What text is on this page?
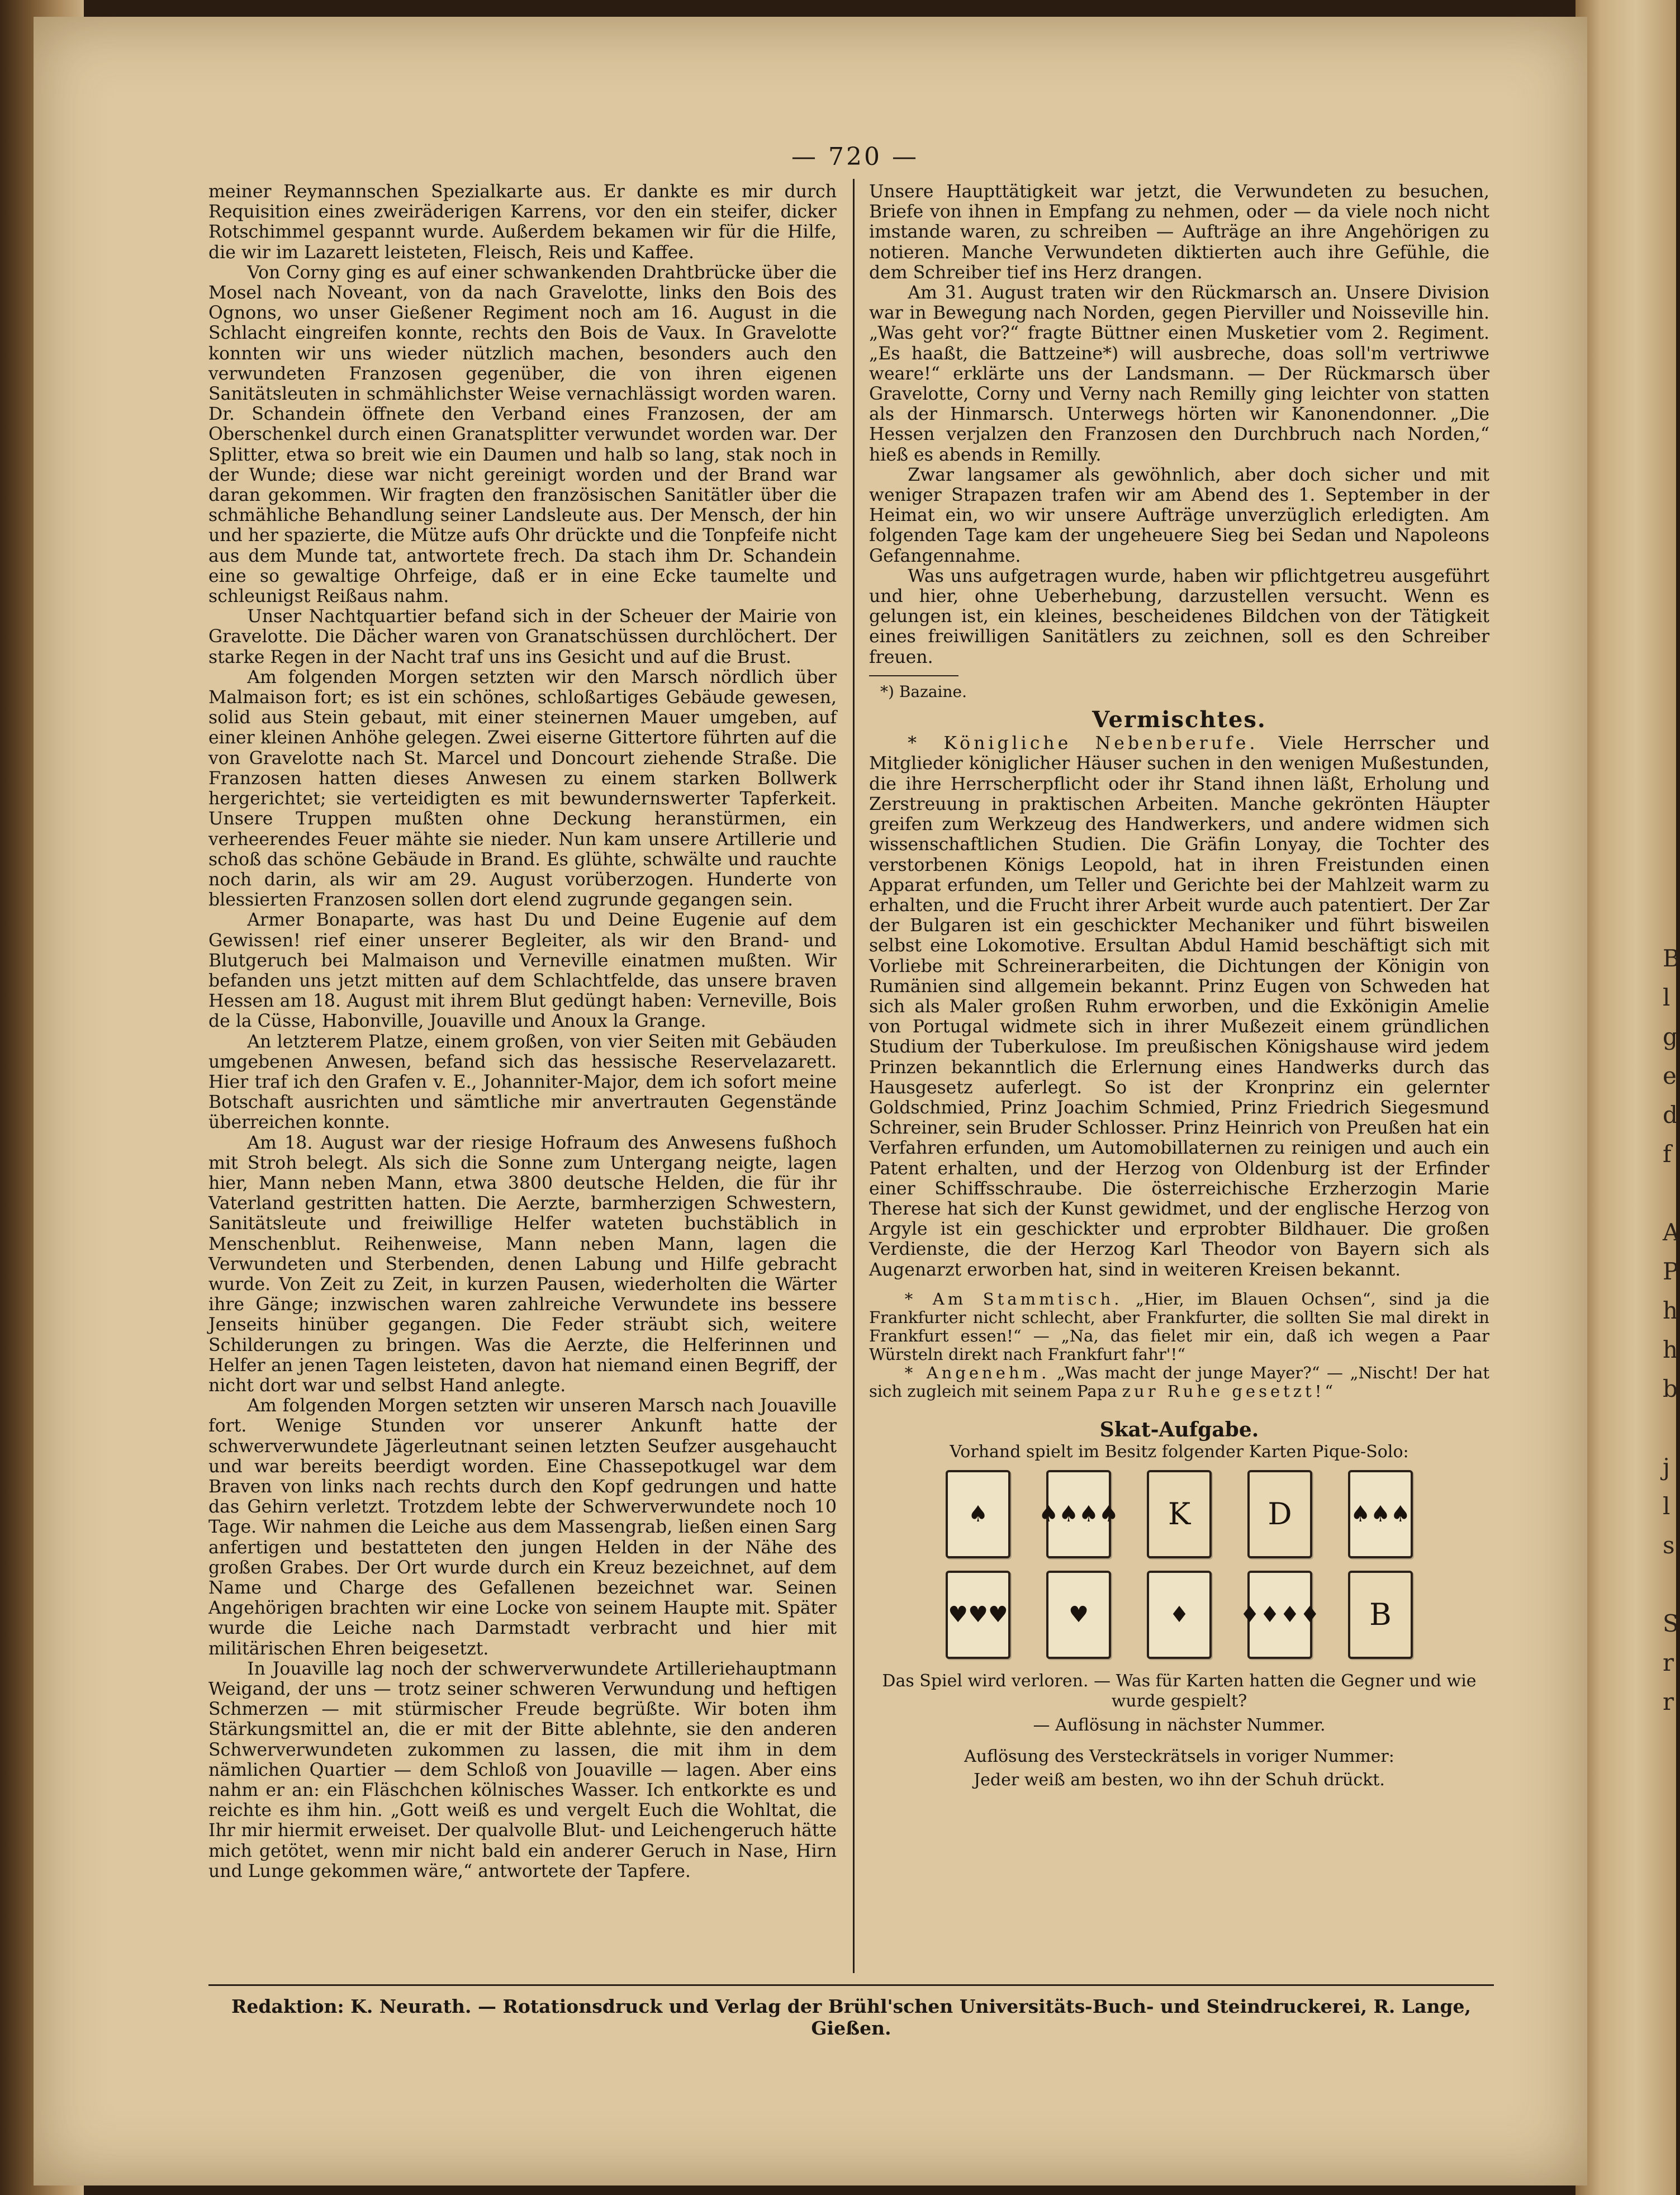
— 720 —

meiner Reymannschen Spezialkarte aus. Er dankte es mir durch Requisition eines zweiräderigen Karrens, vor den ein steifer, dicker Rotschimmel gespannt wurde. Außerdem bekamen wir für die Hilfe, die wir im Lazarett leisteten, Fleisch, Reis und Kaffee.

Von Corny ging es auf einer schwankenden Drahtbrücke über die Mosel nach Noveant, von da nach Gravelotte, links den Bois des Ognons, wo unser Gießener Regiment noch am 16. August in die Schlacht eingreifen konnte, rechts den Bois de Vaux. In Gravelotte konnten wir uns wieder nützlich machen, besonders auch den verwundeten Franzosen gegenüber, die von ihren eigenen Sanitätsleuten in schmählichster Weise vernachlässigt worden waren. Dr. Schandein öffnete den Verband eines Franzosen, der am Oberschenkel durch einen Granatsplitter verwundet worden war. Der Splitter, etwa so breit wie ein Daumen und halb so lang, stak noch in der Wunde; diese war nicht gereinigt worden und der Brand war daran gekommen. Wir fragten den französischen Sanitätler über die schmähliche Behandlung seiner Landsleute aus. Der Mensch, der hin und her spazierte, die Mütze aufs Ohr drückte und die Tonpfeife nicht aus dem Munde tat, antwortete frech. Da stach ihm Dr. Schandein eine so gewaltige Ohrfeige, daß er in eine Ecke taumelte und schleunigst Reißaus nahm.

Unser Nachtquartier befand sich in der Scheuer der Mairie von Gravelotte. Die Dächer waren von Granatschüssen durchlöchert. Der starke Regen in der Nacht traf uns ins Gesicht und auf die Brust.

Am folgenden Morgen setzten wir den Marsch nördlich über Malmaison fort; es ist ein schönes, schloßartiges Gebäude gewesen, solid aus Stein gebaut, mit einer steinernen Mauer umgeben, auf einer kleinen Anhöhe gelegen. Zwei eiserne Gittertore führten auf die von Gravelotte nach St. Marcel und Doncourt ziehende Straße. Die Franzosen hatten dieses Anwesen zu einem starken Bollwerk hergerichtet; sie verteidigten es mit bewundernswerter Tapferkeit. Unsere Truppen mußten ohne Deckung heranstürmen, ein verheerendes Feuer mähte sie nieder. Nun kam unsere Artillerie und schoß das schöne Gebäude in Brand. Es glühte, schwälte und rauchte noch darin, als wir am 29. August vorüberzogen. Hunderte von blessierten Franzosen sollen dort elend zugrunde gegangen sein.

Armer Bonaparte, was hast Du und Deine Eugenie auf dem Gewissen! rief einer unserer Begleiter, als wir den Brand- und Blutgeruch bei Malmaison und Verneville einatmen mußten. Wir befanden uns jetzt mitten auf dem Schlachtfelde, das unsere braven Hessen am 18. August mit ihrem Blut gedüngt haben: Verneville, Bois de la Cüsse, Habonville, Jouaville und Anoux la Grange.

An letzterem Platze, einem großen, von vier Seiten mit Gebäuden umgebenen Anwesen, befand sich das hessische Reservelazarett. Hier traf ich den Grafen v. E., Johanniter-Major, dem ich sofort meine Botschaft ausrichten und sämtliche mir anvertrauten Gegenstände überreichen konnte.

Am 18. August war der riesige Hofraum des Anwesens fußhoch mit Stroh belegt. Als sich die Sonne zum Untergang neigte, lagen hier, Mann neben Mann, etwa 3800 deutsche Helden, die für ihr Vaterland gestritten hatten. Die Aerzte, barmherzigen Schwestern, Sanitätsleute und freiwillige Helfer wateten buchstäblich in Menschenblut. Reihenweise, Mann neben Mann, lagen die Verwundeten und Sterbenden, denen Labung und Hilfe gebracht wurde. Von Zeit zu Zeit, in kurzen Pausen, wiederholten die Wärter ihre Gänge; inzwischen waren zahlreiche Verwundete ins bessere Jenseits hinüber gegangen. Die Feder sträubt sich, weitere Schilderungen zu bringen. Was die Aerzte, die Helferinnen und Helfer an jenen Tagen leisteten, davon hat niemand einen Begriff, der nicht dort war und selbst Hand anlegte.

Am folgenden Morgen setzten wir unseren Marsch nach Jouaville fort. Wenige Stunden vor unserer Ankunft hatte der schwerverwundete Jägerleutnant seinen letzten Seufzer ausgehaucht und war bereits beerdigt worden. Eine Chassepotkugel war dem Braven von links nach rechts durch den Kopf gedrungen und hatte das Gehirn verletzt. Trotzdem lebte der Schwerverwundete noch 10 Tage. Wir nahmen die Leiche aus dem Massengrab, ließen einen Sarg anfertigen und bestatteten den jungen Helden in der Nähe des großen Grabes. Der Ort wurde durch ein Kreuz bezeichnet, auf dem Name und Charge des Gefallenen bezeichnet war. Seinen Angehörigen brachten wir eine Locke von seinem Haupte mit. Später wurde die Leiche nach Darmstadt verbracht und hier mit militärischen Ehren beigesetzt.

In Jouaville lag noch der schwerverwundete Artilleriehauptmann Weigand, der uns — trotz seiner schweren Verwundung und heftigen Schmerzen — mit stürmischer Freude begrüßte. Wir boten ihm Stärkungsmittel an, die er mit der Bitte ablehnte, sie den anderen Schwerverwundeten zukommen zu lassen, die mit ihm in dem nämlichen Quartier — dem Schloß von Jouaville — lagen. Aber eins nahm er an: ein Fläschchen kölnisches Wasser. Ich entkorkte es und reichte es ihm hin. „Gott weiß es und vergelt Euch die Wohltat, die Ihr mir hiermit erweiset. Der qualvolle Blut- und Leichengeruch hätte mich getötet, wenn mir nicht bald ein anderer Geruch in Nase, Hirn und Lunge gekommen wäre,“ antwortete der Tapfere.

Unsere Haupttätigkeit war jetzt, die Verwundeten zu besuchen, Briefe von ihnen in Empfang zu nehmen, oder — da viele noch nicht imstande waren, zu schreiben — Aufträge an ihre Angehörigen zu notieren. Manche Verwundeten diktierten auch ihre Gefühle, die dem Schreiber tief ins Herz drangen.

Am 31. August traten wir den Rückmarsch an. Unsere Division war in Bewegung nach Norden, gegen Pierviller und Noisseville hin. „Was geht vor?“ fragte Büttner einen Musketier vom 2. Regiment. „Es haaßt, die Battzeine*) will ausbreche, doas soll'm vertriwwe weare!“ erklärte uns der Landsmann. — Der Rückmarsch über Gravelotte, Corny und Verny nach Remilly ging leichter von statten als der Hinmarsch. Unterwegs hörten wir Kanonendonner. „Die Hessen verjalzen den Franzosen den Durchbruch nach Norden,“ hieß es abends in Remilly.

Zwar langsamer als gewöhnlich, aber doch sicher und mit weniger Strapazen trafen wir am Abend des 1. September in der Heimat ein, wo wir unsere Aufträge unverzüglich erledigten. Am folgenden Tage kam der ungeheuere Sieg bei Sedan und Napoleons Gefangennahme.

Was uns aufgetragen wurde, haben wir pflichtgetreu ausgeführt und hier, ohne Ueberhebung, darzustellen versucht. Wenn es gelungen ist, ein kleines, bescheidenes Bildchen von der Tätigkeit eines freiwilligen Sanitätlers zu zeichnen, soll es den Schreiber freuen.

*) Bazaine.
Vermischtes.

* Königliche Nebenberufe. Viele Herrscher und Mitglieder königlicher Häuser suchen in den wenigen Mußestunden, die ihre Herrscherpflicht oder ihr Stand ihnen läßt, Erholung und Zerstreuung in praktischen Arbeiten. Manche gekrönten Häupter greifen zum Werkzeug des Handwerkers, und andere widmen sich wissenschaftlichen Studien. Die Gräfin Lonyay, die Tochter des verstorbenen Königs Leopold, hat in ihren Freistunden einen Apparat erfunden, um Teller und Gerichte bei der Mahlzeit warm zu erhalten, und die Frucht ihrer Arbeit wurde auch patentiert. Der Zar der Bulgaren ist ein geschickter Mechaniker und führt bisweilen selbst eine Lokomotive. Ersultan Abdul Hamid beschäftigt sich mit Vorliebe mit Schreinerarbeiten, die Dichtungen der Königin von Rumänien sind allgemein bekannt. Prinz Eugen von Schweden hat sich als Maler großen Ruhm erworben, und die Exkönigin Amelie von Portugal widmete sich in ihrer Mußezeit einem gründlichen Studium der Tuberkulose. Im preußischen Königshause wird jedem Prinzen bekanntlich die Erlernung eines Handwerks durch das Hausgesetz auferlegt. So ist der Kronprinz ein gelernter Goldschmied, Prinz Joachim Schmied, Prinz Friedrich Siegesmund Schreiner, sein Bruder Schlosser. Prinz Heinrich von Preußen hat ein Verfahren erfunden, um Automobillaternen zu reinigen und auch ein Patent erhalten, und der Herzog von Oldenburg ist der Erfinder einer Schiffsschraube. Die österreichische Erzherzogin Marie Therese hat sich der Kunst gewidmet, und der englische Herzog von Argyle ist ein geschickter und erprobter Bildhauer. Die großen Verdienste, die der Herzog Karl Theodor von Bayern sich als Augenarzt erworben hat, sind in weiteren Kreisen bekannt.

* Am Stammtisch. „Hier, im Blauen Ochsen“, sind ja die Frankfurter nicht schlecht, aber Frankfurter, die sollten Sie mal direkt in Frankfurt essen!“ — „Na, das fielet mir ein, daß ich wegen a Paar Würsteln direkt nach Frankfurt fahr'!“

* Angenehm. „Was macht der junge Mayer?“ — „Nischt! Der hat sich zugleich mit seinem Papa zur Ruhe gesetzt!“

Skat-Aufgabe.
Vorhand spielt im Besitz folgender Karten Pique-Solo:
♠	♠♠♠♠	K	D	♠♠♠
♥♥♥	♥	♦	♦♦♦♦	B
Das Spiel wird verloren. — Was für Karten hatten die Gegner und wie wurde gespielt?
— Auflösung in nächster Nummer.
Auflösung des Versteckrätsels in voriger Nummer:
Jeder weiß am besten, wo ihn der Schuh drückt.
Redaktion: K. Neurath. — Rotationsdruck und Verlag der Brühl'schen Universitäts-Buch- und Steindruckerei, R. Lange, Gießen.
B
l
g
e
d
f

A
P
h
h
b

j
l
s

S
r
r
